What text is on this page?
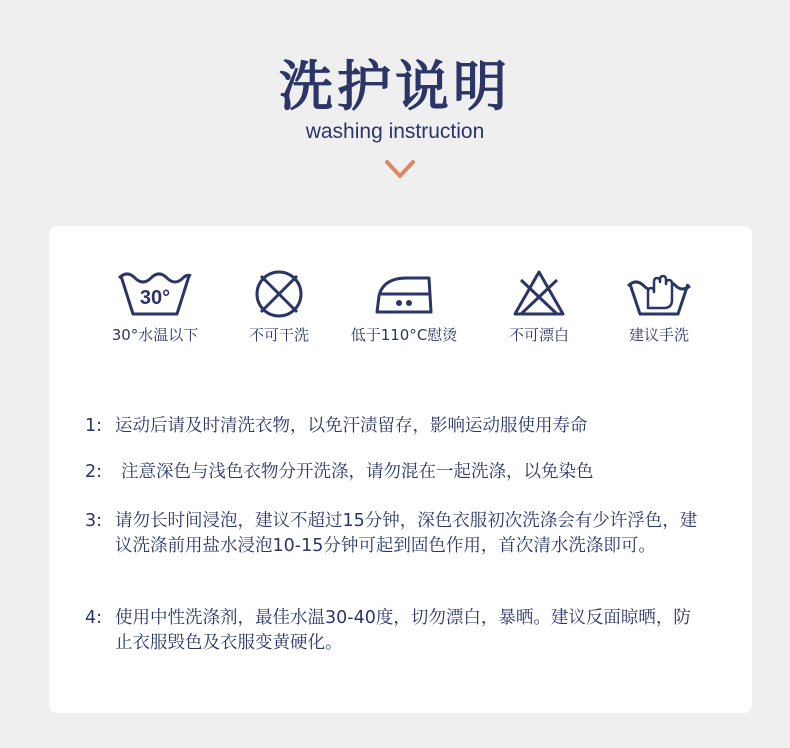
洗护说明
washing instruction
30°
30°水温以下	不可干洗	低于110°C慰烫	不可漂白	建议手洗
1: 运动后请及时清洗衣物，以免汗渍留存，影响运动服使用寿命
2:	注意深色与浅色衣物分开洗涤，请勿混在一起洗涤，以免染色
3: 请勿长时间浸泡，建议不超过15分钟，深色衣服初次洗涤会有少许浮色，建议洗涤前用盐水浸泡10-15分钟可起到固色作用，首次清水洗涤即可。
4: 使用中性洗涤剂，最佳水温30-40度，切勿漂白，暴晒。建议反面晾晒，防止衣服毁色及衣服变黄硬化。
